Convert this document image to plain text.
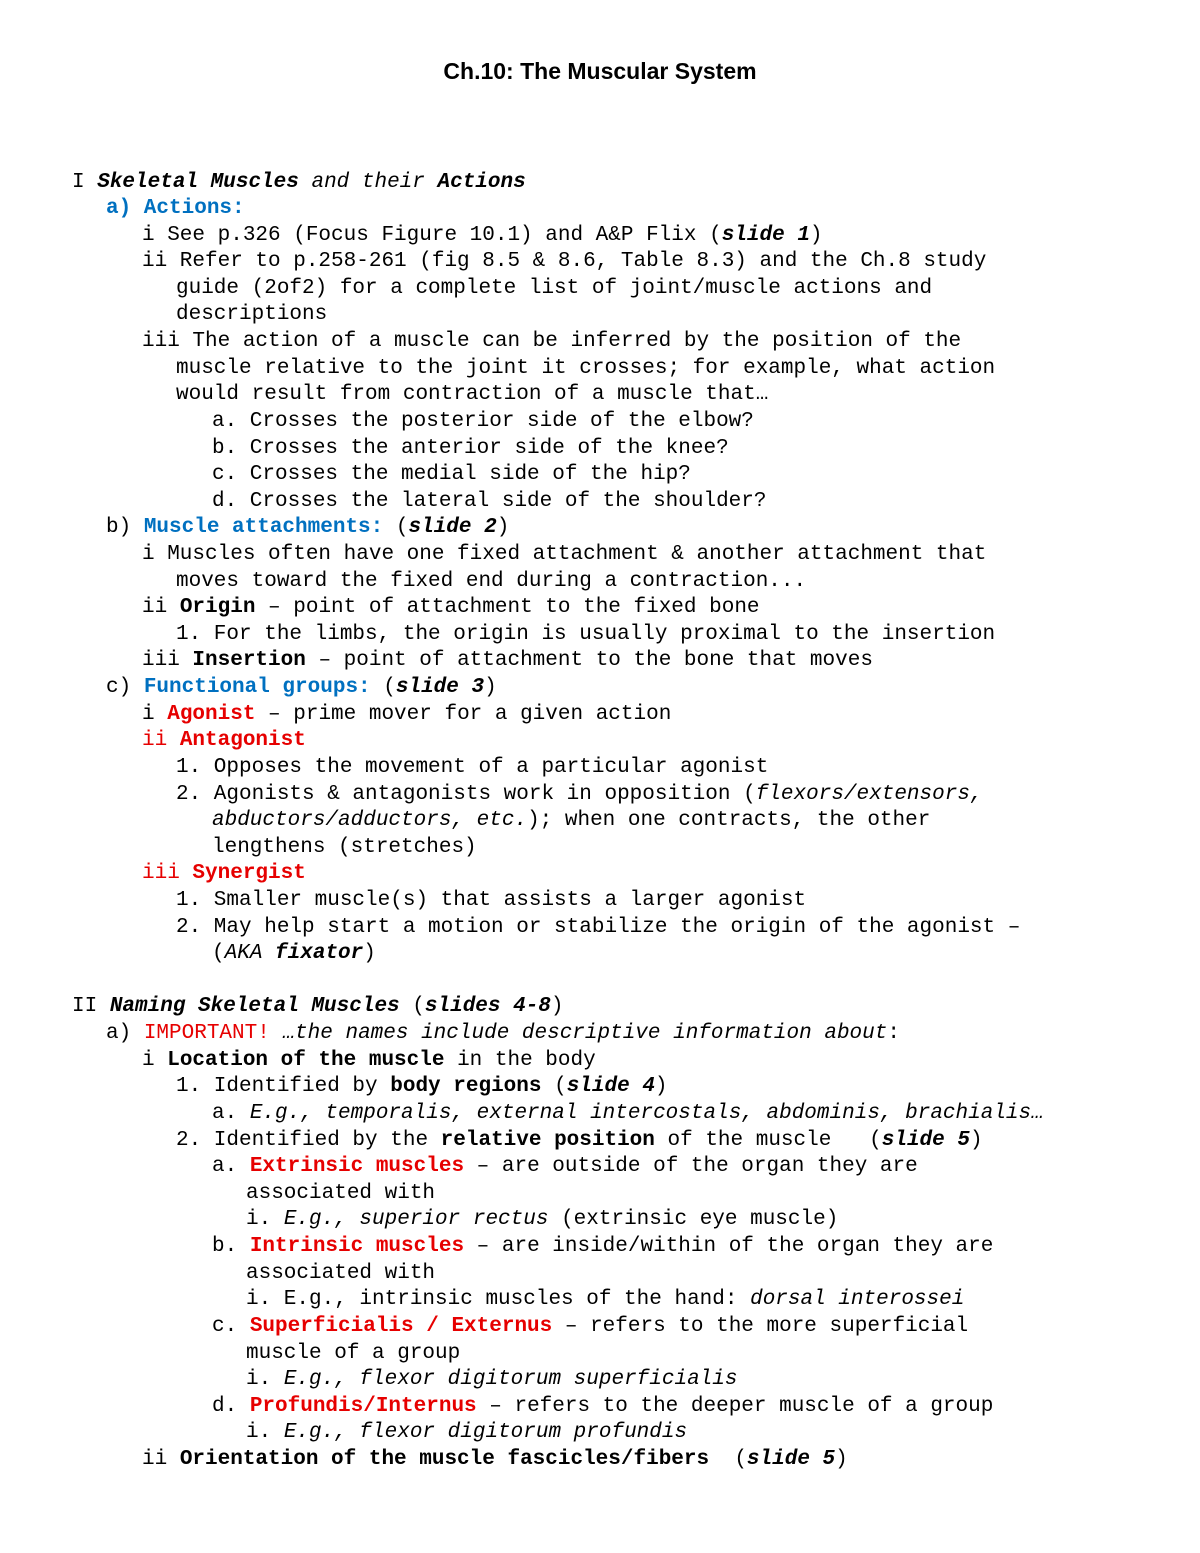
Ch.10: The Muscular System
I Skeletal Muscles and their Actions
a) Actions:
i See p.326 (Focus Figure 10.1) and A&P Flix (slide 1)
ii Refer to p.258-261 (fig 8.5 & 8.6, Table 8.3) and the Ch.8 study
guide (2of2) for a complete list of joint/muscle actions and
descriptions
iii The action of a muscle can be inferred by the position of the
muscle relative to the joint it crosses; for example, what action
would result from contraction of a muscle that…
a. Crosses the posterior side of the elbow?
b. Crosses the anterior side of the knee?
c. Crosses the medial side of the hip?
d. Crosses the lateral side of the shoulder?
b) Muscle attachments: (slide 2)
i Muscles often have one fixed attachment & another attachment that
moves toward the fixed end during a contraction...
ii Origin – point of attachment to the fixed bone
1. For the limbs, the origin is usually proximal to the insertion
iii Insertion – point of attachment to the bone that moves
c) Functional groups: (slide 3)
i Agonist – prime mover for a given action
ii Antagonist
1. Opposes the movement of a particular agonist
2. Agonists & antagonists work in opposition (flexors/extensors,
abductors/adductors, etc.); when one contracts, the other
lengthens (stretches)
iii Synergist
1. Smaller muscle(s) that assists a larger agonist
2. May help start a motion or stabilize the origin of the agonist –
(AKA fixator)
II Naming Skeletal Muscles (slides 4-8)
a) IMPORTANT! …the names include descriptive information about:
i Location of the muscle in the body
1. Identified by body regions (slide 4)
a. E.g., temporalis, external intercostals, abdominis, brachialis…
2. Identified by the relative position of the muscle   (slide 5)
a. Extrinsic muscles – are outside of the organ they are
associated with
i. E.g., superior rectus (extrinsic eye muscle)
b. Intrinsic muscles – are inside/within of the organ they are
associated with
i. E.g., intrinsic muscles of the hand: dorsal interossei
c. Superficialis / Externus – refers to the more superficial
muscle of a group
i. E.g., flexor digitorum superficialis
d. Profundis/Internus – refers to the deeper muscle of a group
i. E.g., flexor digitorum profundis
ii Orientation of the muscle fascicles/fibers  (slide 5)
